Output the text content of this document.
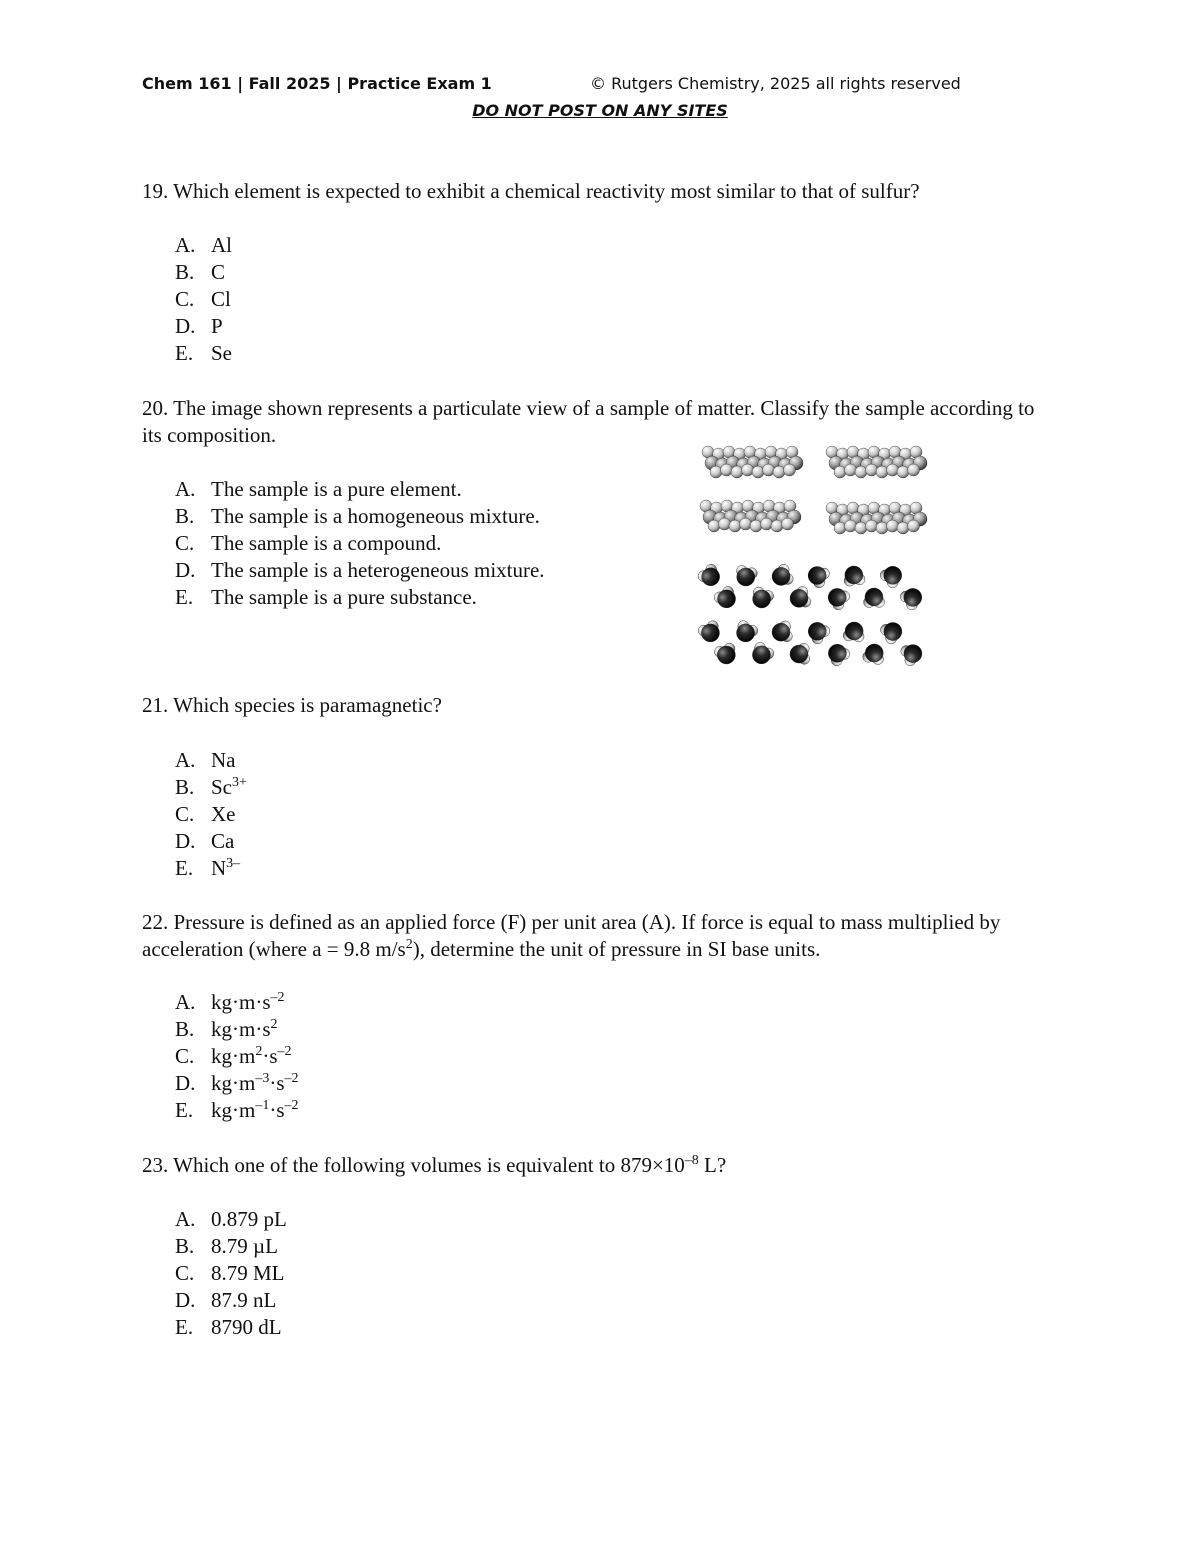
Chem 161 | Fall 2025 | Practice Exam 1	© Rutgers Chemistry, 2025 all rights reserved
DO NOT POST ON ANY SITES
19. Which element is expected to exhibit a chemical reactivity most similar to that of sulfur?
A. Al
B. C
C. Cl
D. P
E. Se
20. The image shown represents a particulate view of a sample of matter. Classify the sample according to its composition.
A. The sample is a pure element.
B. The sample is a homogeneous mixture.
C. The sample is a compound.
D. The sample is a heterogeneous mixture.
E. The sample is a pure substance.
21. Which species is paramagnetic?
A. Na
B. $Sc^{3+}$
C. Xe
D. Ca
E. $N^{3-}$
22. Pressure is defined as an applied force (F) per unit area (A). If force is equal to mass multiplied by acceleration (where a = 9.8 $m/s^2$), determine the unit of pressure in SI base units.
A. $kg\cdot m\cdot s^{-2}$
B. $kg\cdot m\cdot s^2$
C. $kg\cdot m^2\cdot s^{-2}$
D. $kg\cdot m^{-3}\cdot s^{-2}$
E. $kg\cdot m^{-1}\cdot s^{-2}$
23. Which one of the following volumes is equivalent to $879\times 10^{-8}$ L?
A. 0.879 pL
B. 8.79 µL
C. 8.79 ML
D. 87.9 nL
E. 8790 dL
